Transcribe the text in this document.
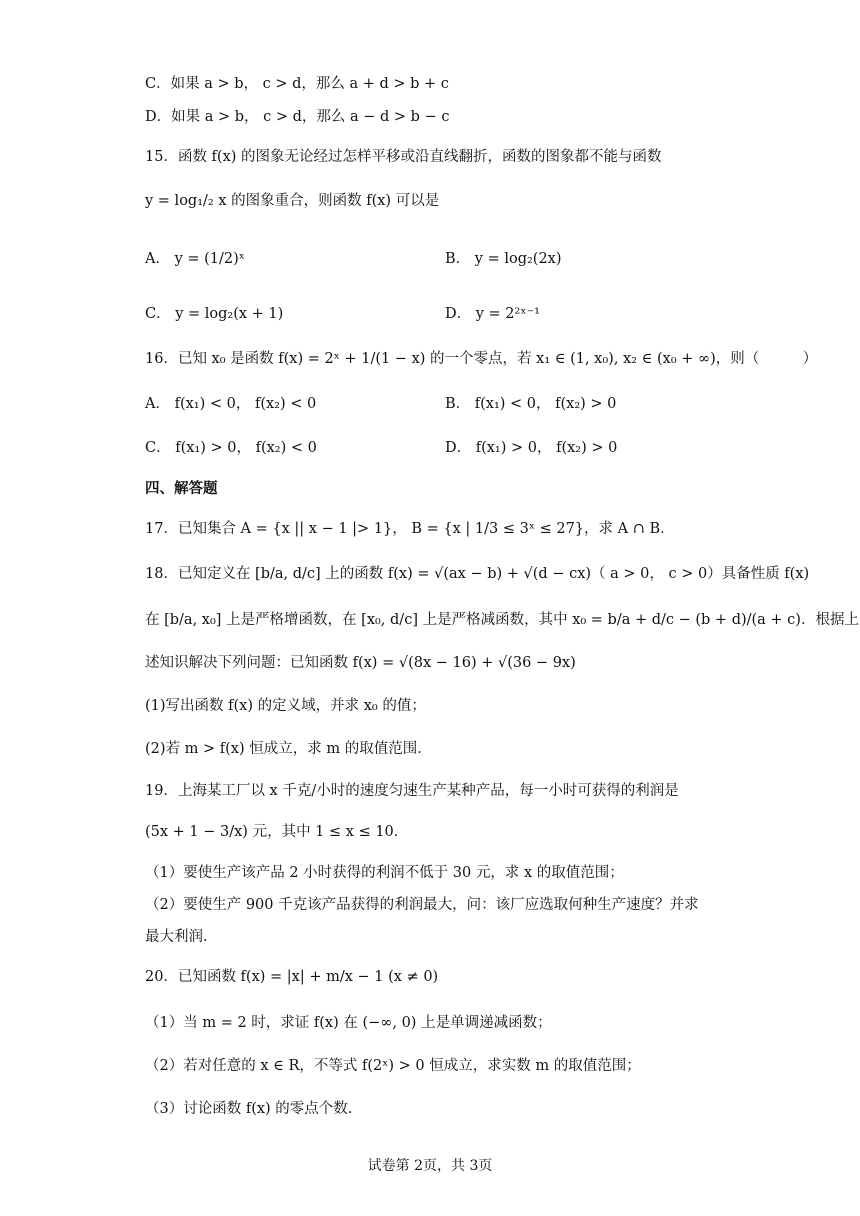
C．如果 a > b， c > d，那么 a + d > b + c
D．如果 a > b， c > d，那么 a − d > b − c
15．函数 f(x) 的图象无论经过怎样平移或沿直线翻折，函数的图象都不能与函数
y = log₁/₂ x 的图象重合，则函数 f(x) 可以是
A． y = (1/2)ˣ	B． y = log₂(2x)
C． y = log₂(x + 1)	D． y = 2²ˣ⁻¹
16．已知 x₀ 是函数 f(x) = 2ˣ + 1/(1 − x) 的一个零点，若 x₁ ∈ (1, x₀), x₂ ∈ (x₀ + ∞)，则（　　　）
A． f(x₁) < 0， f(x₂) < 0	B． f(x₁) < 0， f(x₂) > 0
C． f(x₁) > 0， f(x₂) < 0	D． f(x₁) > 0， f(x₂) > 0
四、解答题
17．已知集合 A = {x || x − 1 |> 1}， B = {x | 1/3 ≤ 3ˣ ≤ 27}，求 A ∩ B．
18．已知定义在 [b/a, d/c] 上的函数 f(x) = √(ax − b) + √(d − cx)（ a > 0， c > 0）具备性质 f(x)
在 [b/a, x₀] 上是严格增函数，在 [x₀, d/c] 上是严格减函数，其中 x₀ = b/a + d/c − (b + d)/(a + c)．根据上
述知识解决下列问题：已知函数 f(x) = √(8x − 16) + √(36 − 9x)
(1)写出函数 f(x) 的定义域，并求 x₀ 的值；
(2)若 m > f(x) 恒成立，求 m 的取值范围．
19．上海某工厂以 x 千克/小时的速度匀速生产某种产品，每一小时可获得的利润是
(5x + 1 − 3/x) 元，其中 1 ≤ x ≤ 10．
（1）要使生产该产品 2 小时获得的利润不低于 30 元，求 x 的取值范围；
（2）要使生产 900 千克该产品获得的利润最大，问：该厂应选取何种生产速度？并求
最大利润.
20．已知函数 f(x) = |x| + m/x − 1 (x ≠ 0)
（1）当 m = 2 时，求证 f(x) 在 (−∞, 0) 上是单调递减函数；
（2）若对任意的 x ∈ R，不等式 f(2ˣ) > 0 恒成立，求实数 m 的取值范围；
（3）讨论函数 f(x) 的零点个数.
试卷第 2页，共 3页
